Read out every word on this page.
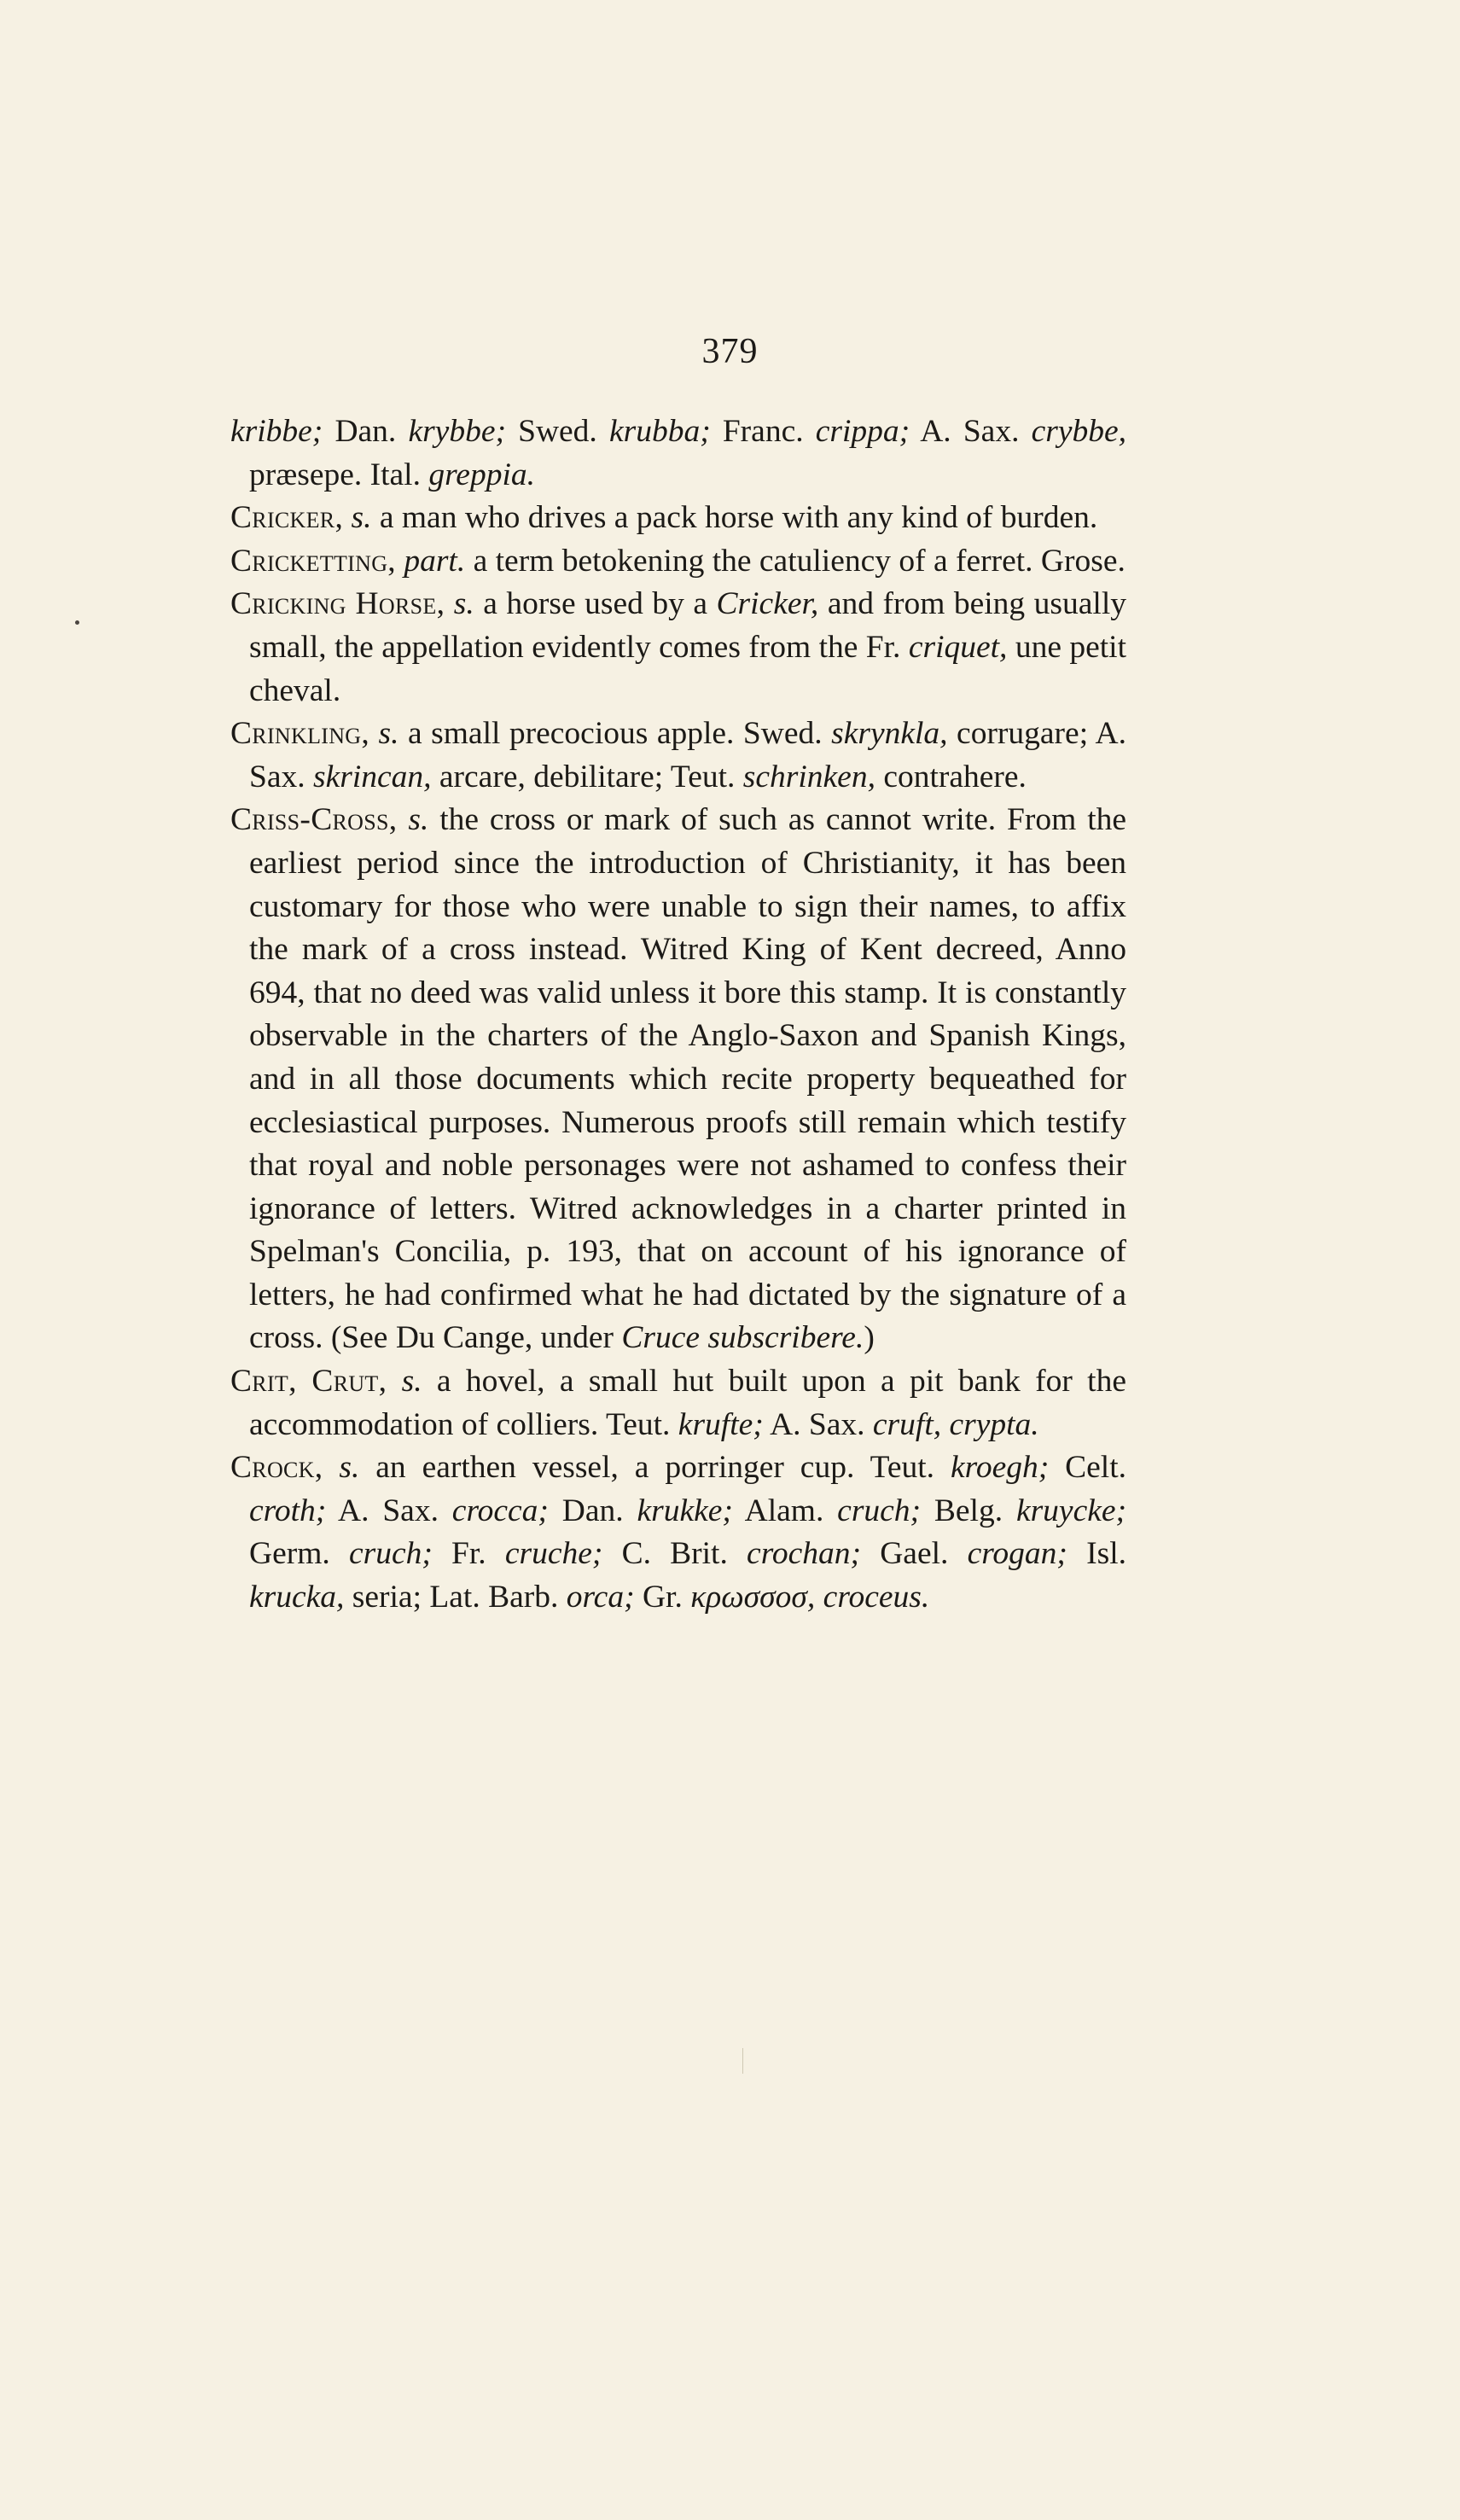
379

kribbe; Dan. krybbe; Swed. krubba; Franc. crippa; A. Sax. crybbe, præsepe. Ital. greppia.

Cricker, s. a man who drives a pack horse with any kind of burden.

Cricketting, part. a term betokening the catuliency of a ferret. Grose.

Cricking Horse, s. a horse used by a Cricker, and from being usually small, the appellation evidently comes from the Fr. criquet, une petit cheval.

Crinkling, s. a small precocious apple. Swed. skrynkla, corrugare; A. Sax. skrincan, arcare, debilitare; Teut. schrinken, contrahere.

Criss-Cross, s. the cross or mark of such as cannot write. From the earliest period since the introduction of Christianity, it has been customary for those who were unable to sign their names, to affix the mark of a cross instead. Witred King of Kent decreed, Anno 694, that no deed was valid unless it bore this stamp. It is constantly observable in the charters of the Anglo-Saxon and Spanish Kings, and in all those documents which recite property bequeathed for ecclesiastical purposes. Numerous proofs still remain which testify that royal and noble personages were not ashamed to confess their ignorance of letters. Witred acknowledges in a charter printed in Spelman's Concilia, p. 193, that on account of his ignorance of letters, he had confirmed what he had dictated by the signature of a cross. (See Du Cange, under Cruce subscribere.)

Crit, Crut, s. a hovel, a small hut built upon a pit bank for the accommodation of colliers. Teut. krufte; A. Sax. cruft, crypta.

Crock, s. an earthen vessel, a porringer cup. Teut. kroegh; Celt. croth; A. Sax. crocca; Dan. krukke; Alam. cruch; Belg. kruycke; Germ. cruch; Fr. cruche; C. Brit. crochan; Gael. crogan; Isl. krucka, seria; Lat. Barb. orca; Gr. κρωσσοσ, croceus.
